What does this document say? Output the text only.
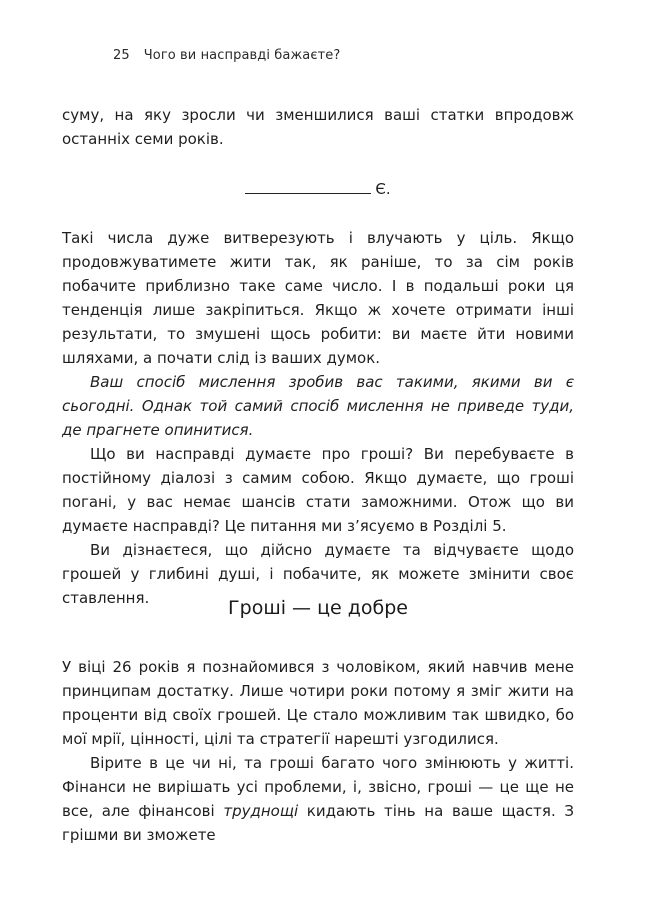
25 Чого ви насправді бажаєте?

суму, на яку зросли чи зменшилися ваші статки впродовж останніх семи років.

Є.

Такі числа дуже витверезують і влучають у ціль. Якщо продовжуватимете жити так, як раніше, то за сім років побачите приблизно таке саме число. І в подальші роки ця тенденція лише закріпиться. Якщо ж хочете отримати інші результати, то змушені щось робити: ви маєте йти новими шляхами, а почати слід із ваших думок.

Ваш спосіб мислення зробив вас такими, якими ви є сьогодні. Однак той самий спосіб мислення не приведе туди, де прагнете опинитися.

Що ви насправді думаєте про гроші? Ви перебуваєте в постійному діалозі з самим собою. Якщо думаєте, що гроші погані, у вас немає шансів стати заможними. Отож що ви думаєте насправді? Це питання ми з’ясуємо в Розділі 5.

Ви дізнаєтеся, що дійсно думаєте та відчуваєте щодо грошей у глибині душі, і побачите, як можете змінити своє ставлення.	Гроші — це добре

У віці 26 років я познайомився з чоловіком, який навчив мене принципам достатку. Лише чотири роки потому я зміг жити на проценти від своїх грошей. Це стало можливим так швидко, бо мої мрії, цінності, цілі та стратегії нарешті узгодилися.

Вірите в це чи ні, та гроші багато чого змінюють у житті. Фінанси не вирішать усі проблеми, і, звісно, гроші — це ще не все, але фінансові труднощі кидають тінь на ваше щастя. З грішми ви зможете
